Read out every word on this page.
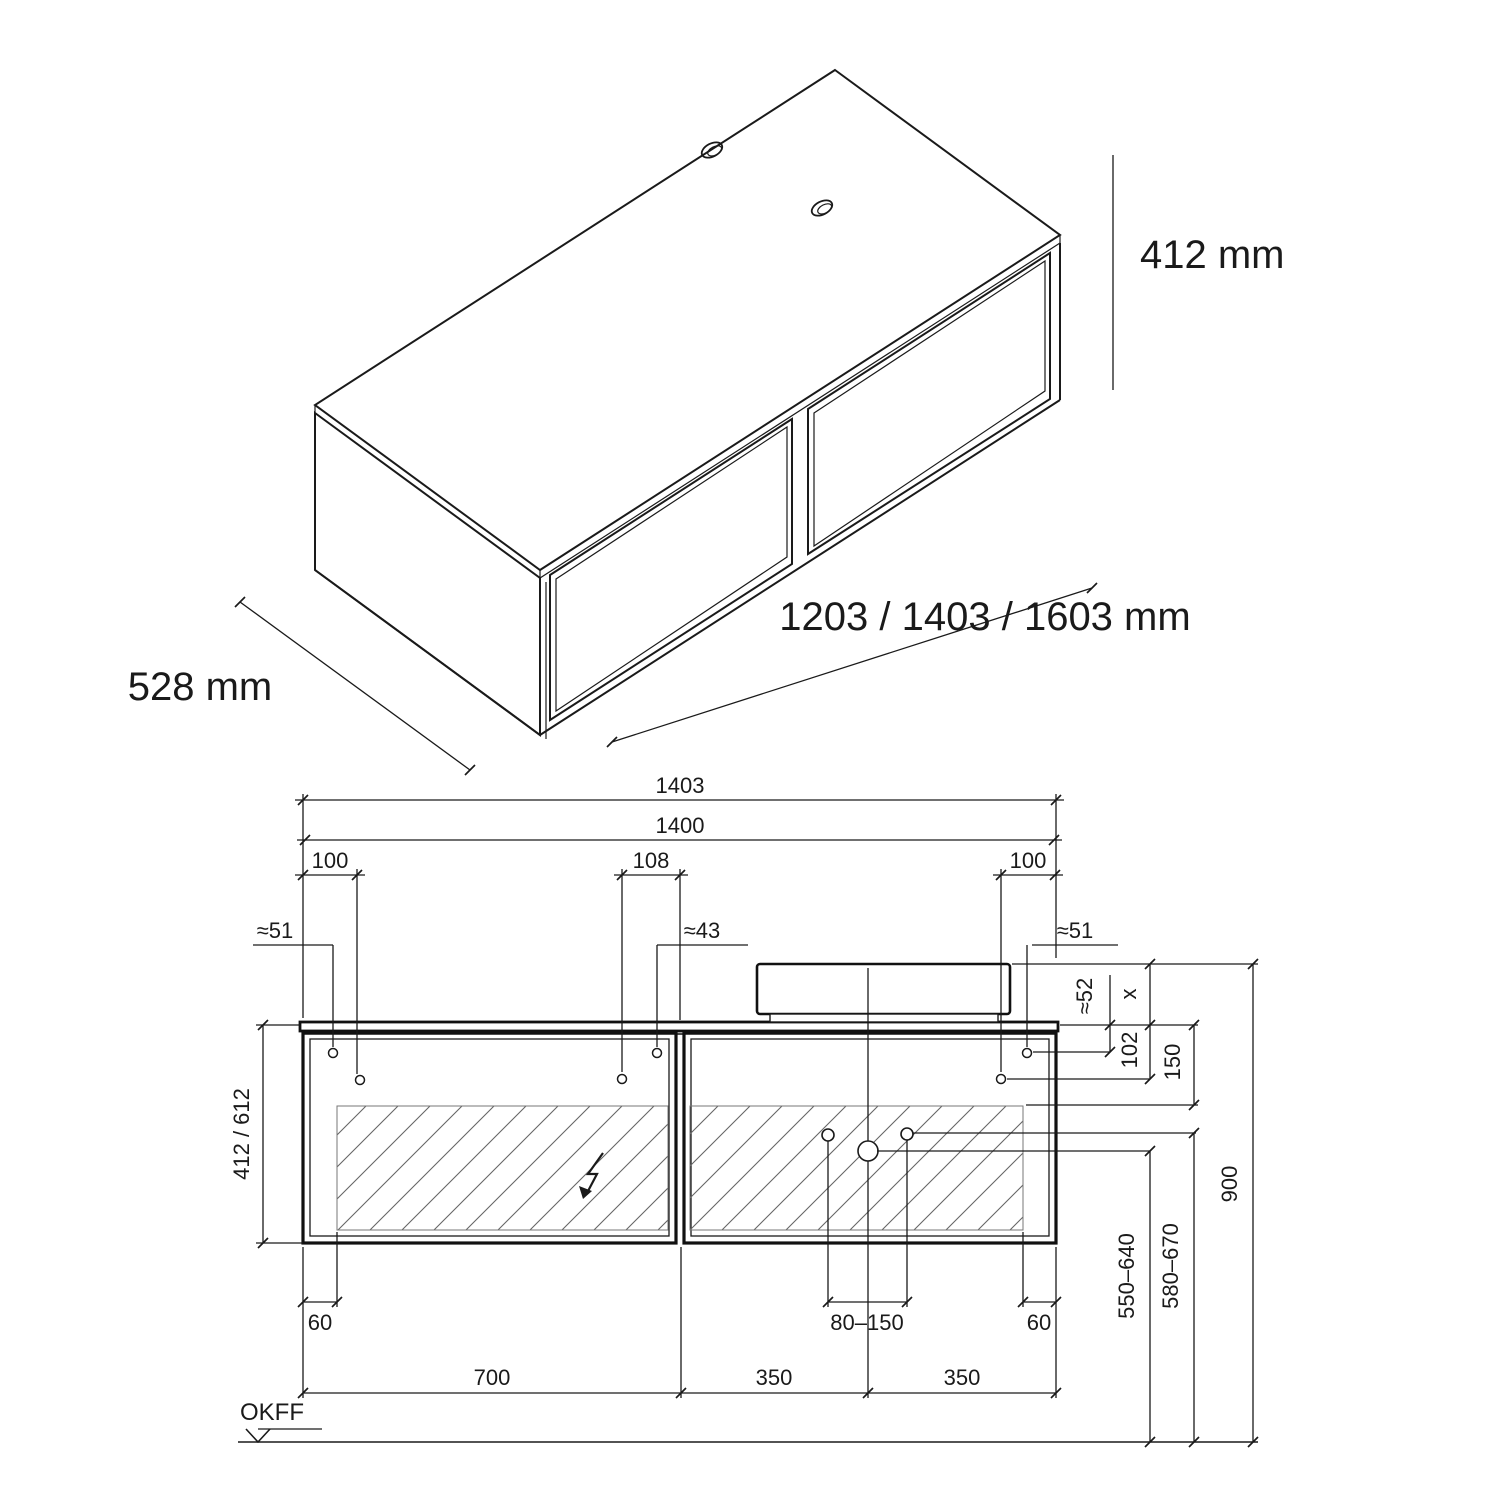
412 mm
1203 / 1403 / 1603 mm
528 mm
1403
1400
100	108	100
≈51	≈43	≈51
≈52 x
102 150
412 / 612
900
550–640 580–670
60	80–150	60
700	350	350
OKFF
